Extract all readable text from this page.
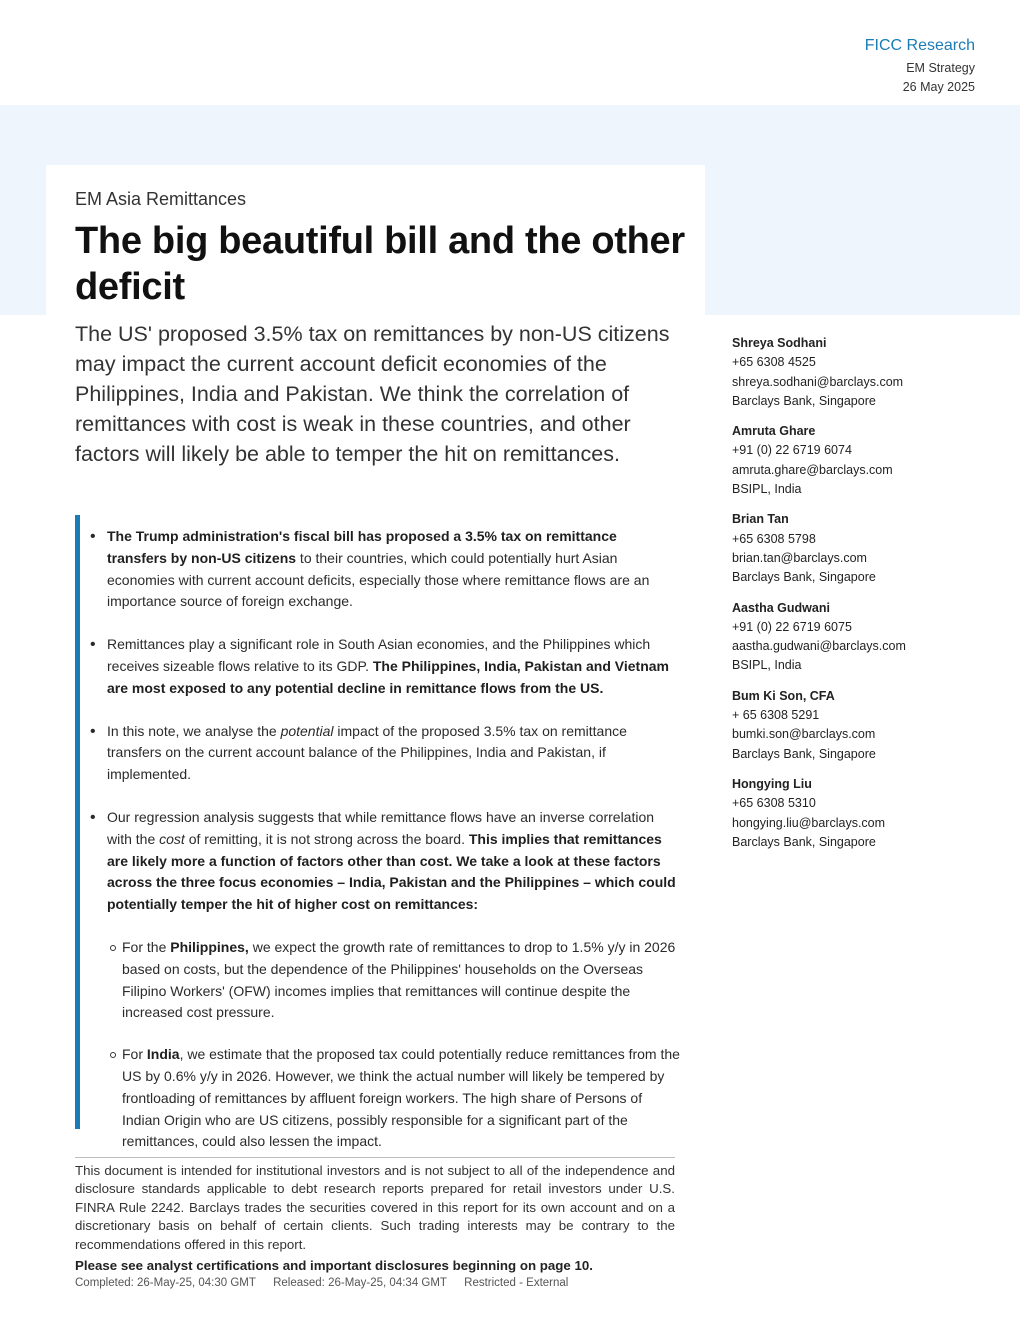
FICC Research
EM Strategy
26 May 2025
EM Asia Remittances
The big beautiful bill and the other deficit

The US' proposed 3.5% tax on remittances by non-US citizens may impact the current account deficit economies of the Philippines, India and Pakistan. We think the correlation of remittances with cost is weak in these countries, and other factors will likely be able to temper the hit on remittances.

Shreya Sodhani
+65 6308 4525
shreya.sodhani@barclays.com
Barclays Bank, Singapore
Amruta Ghare
+91 (0) 22 6719 6074
amruta.ghare@barclays.com
BSIPL, India
Brian Tan
+65 6308 5798
brian.tan@barclays.com
Barclays Bank, Singapore
Aastha Gudwani
+91 (0) 22 6719 6075
aastha.gudwani@barclays.com
BSIPL, India
Bum Ki Son, CFA
+ 65 6308 5291
bumki.son@barclays.com
Barclays Bank, Singapore
Hongying Liu
+65 6308 5310
hongying.liu@barclays.com
Barclays Bank, Singapore
• The Trump administration's fiscal bill has proposed a 3.5% tax on remittance transfers by non-US citizens to their countries, which could potentially hurt Asian economies with current account deficits, especially those where remittance flows are an importance source of foreign exchange.
• Remittances play a significant role in South Asian economies, and the Philippines which receives sizeable flows relative to its GDP. The Philippines, India, Pakistan and Vietnam are most exposed to any potential decline in remittance flows from the US.
• In this note, we analyse the potential impact of the proposed 3.5% tax on remittance transfers on the current account balance of the Philippines, India and Pakistan, if implemented.
• Our regression analysis suggests that while remittance flows have an inverse correlation with the cost of remitting, it is not strong across the board. This implies that remittances are likely more a function of factors other than cost. We take a look at these factors across the three focus economies – India, Pakistan and the Philippines – which could potentially temper the hit of higher cost on remittances:
For the Philippines, we expect the growth rate of remittances to drop to 1.5% y/y in 2026 based on costs, but the dependence of the Philippines' households on the Overseas Filipino Workers' (OFW) incomes implies that remittances will continue despite the increased cost pressure.
For India, we estimate that the proposed tax could potentially reduce remittances from the US by 0.6% y/y in 2026. However, we think the actual number will likely be tempered by frontloading of remittances by affluent foreign workers. The high share of Persons of Indian Origin who are US citizens, possibly responsible for a significant part of the remittances, could also lessen the impact.
This document is intended for institutional investors and is not subject to all of the independence and disclosure standards applicable to debt research reports prepared for retail investors under U.S. FINRA Rule 2242. Barclays trades the securities covered in this report for its own account and on a discretionary basis on behalf of certain clients. Such trading interests may be contrary to the recommendations offered in this report.
Please see analyst certifications and important disclosures beginning on page 10.
Completed: 26-May-25, 04:30 GMT Released: 26-May-25, 04:34 GMT Restricted - External
